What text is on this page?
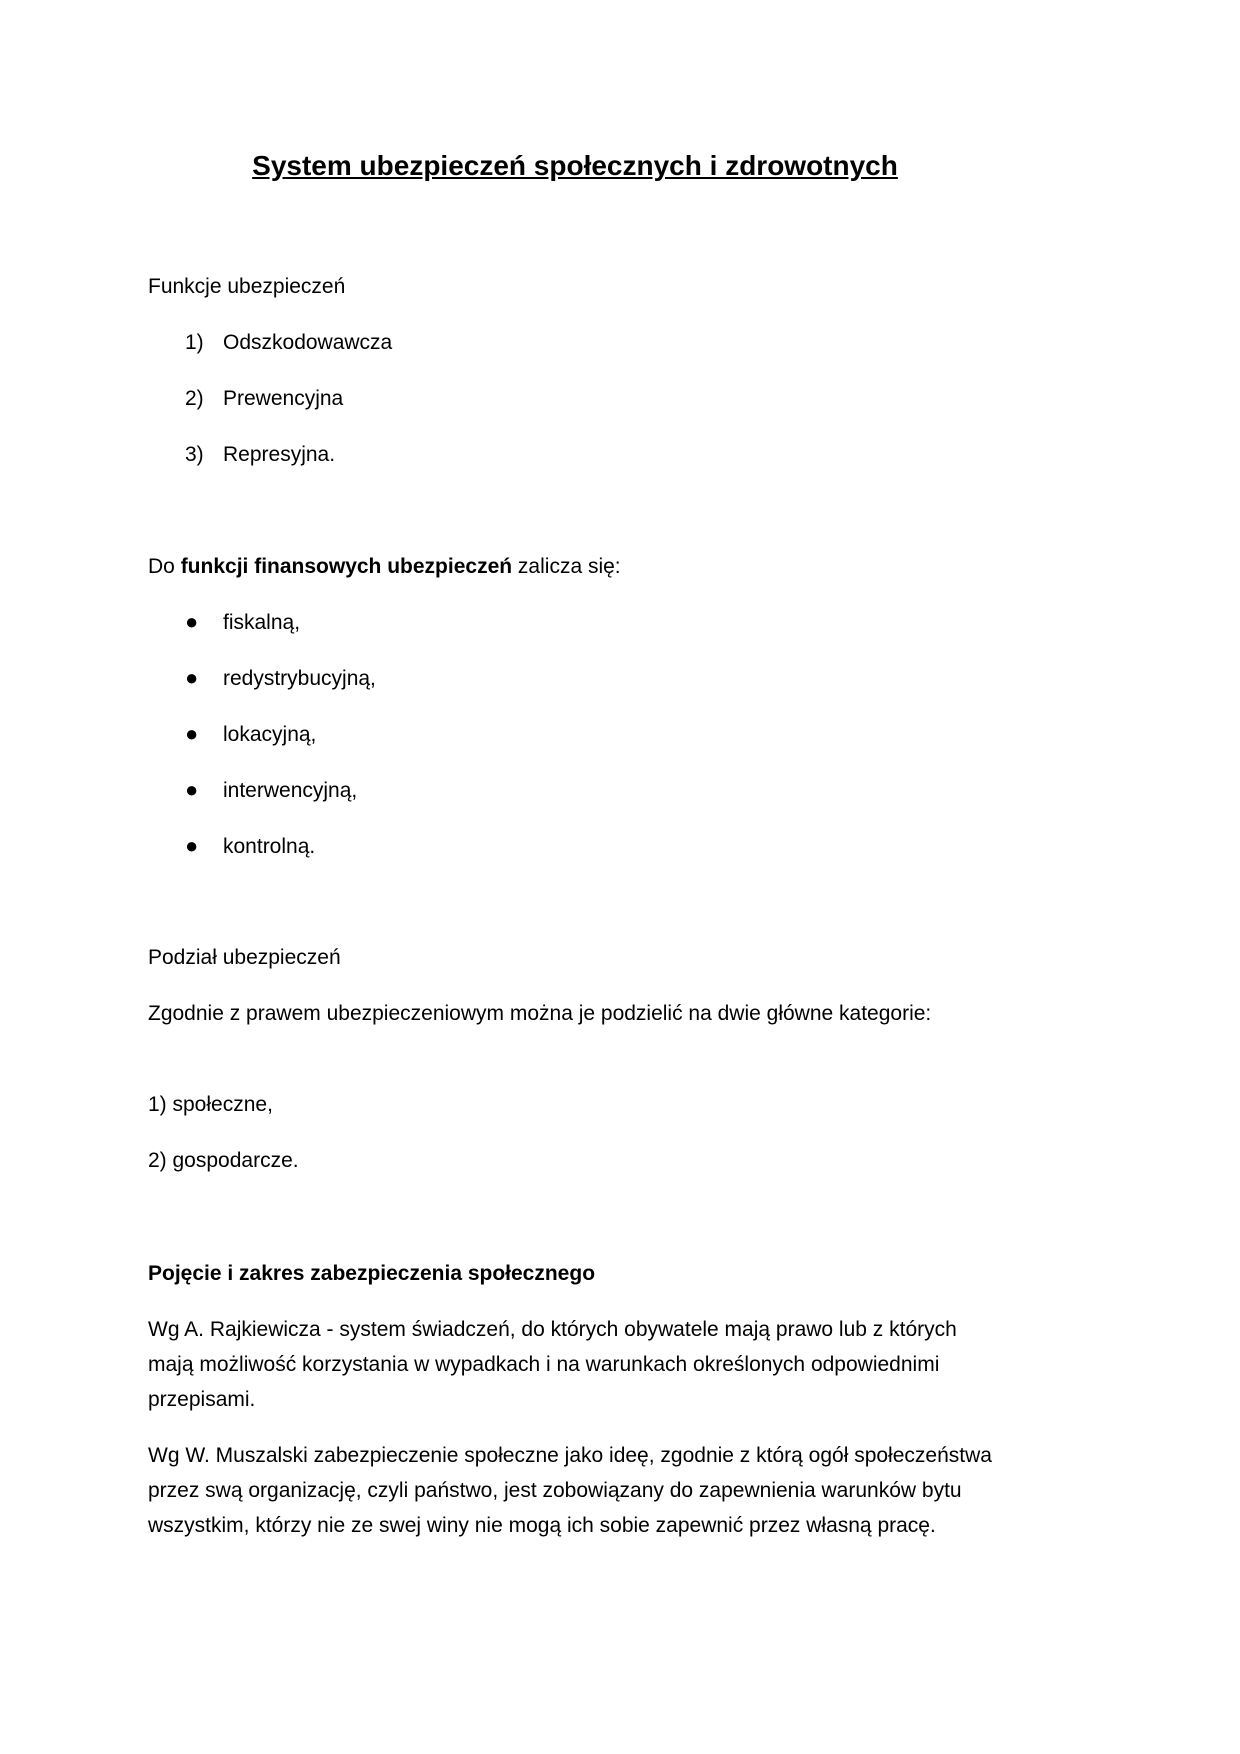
System ubezpieczeń społecznych i zdrowotnych

Funkcje ubezpieczeń

1) Odszkodowawcza

2) Prewencyjna

3) Represyjna.

Do funkcji finansowych ubezpieczeń zalicza się:

● fiskalną,

● redystrybucyjną,

● lokacyjną,

● interwencyjną,

● kontrolną.

Podział ubezpieczeń

Zgodnie z prawem ubezpieczeniowym można je podzielić na dwie główne kategorie:

1) społeczne,

2) gospodarcze.

Pojęcie i zakres zabezpieczenia społecznego

Wg A. Rajkiewicza - system świadczeń, do których obywatele mają prawo lub z których mają możliwość korzystania w wypadkach i na warunkach określonych odpowiednimi przepisami.

Wg W. Muszalski zabezpieczenie społeczne jako ideę, zgodnie z którą ogół społeczeństwa przez swą organizację, czyli państwo, jest zobowiązany do zapewnienia warunków bytu wszystkim, którzy nie ze swej winy nie mogą ich sobie zapewnić przez własną pracę.
